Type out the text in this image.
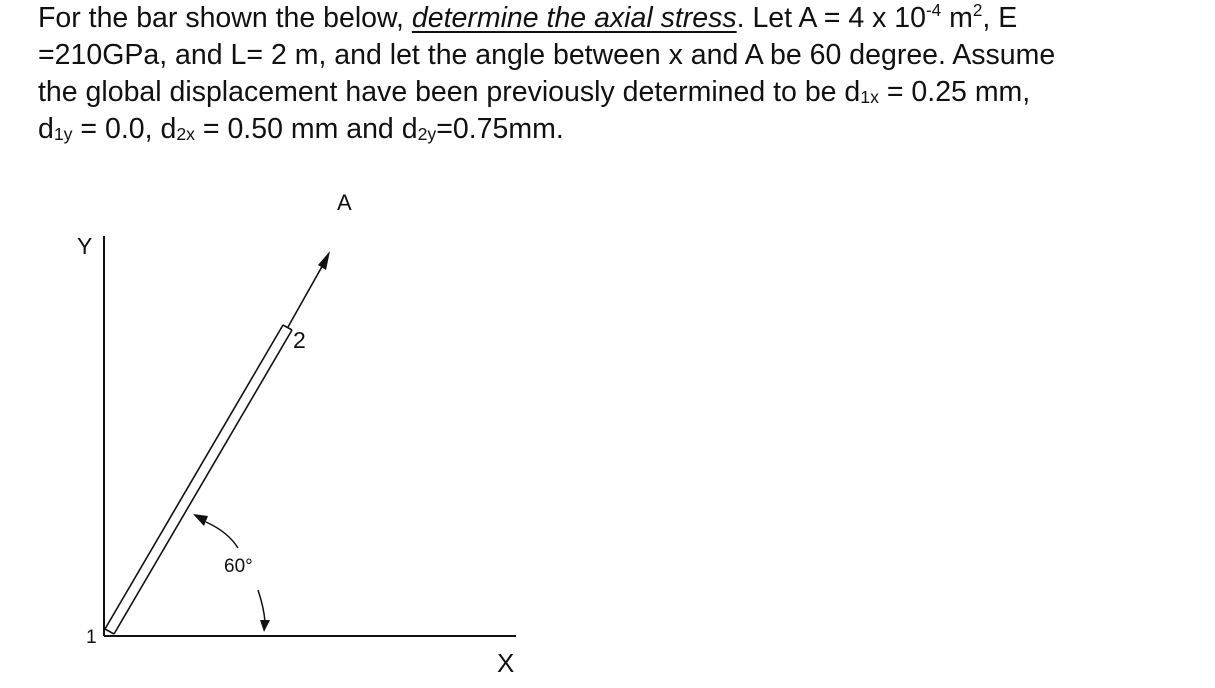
For the bar shown the below, determine the axial stress. Let A = 4 x $10^{-4}$ $m^2$, E
=210GPa, and L= 2 m, and let the angle between x and A be 60 degree. Assume
the global displacement have been previously determined to be $d_{1x} = 0.25$ mm,
$d_{1y} = 0.0$, $d_{2x} = 0.50$ mm and $d_{2y}=0.75mm$.

Y
X
A
1
2
60°
